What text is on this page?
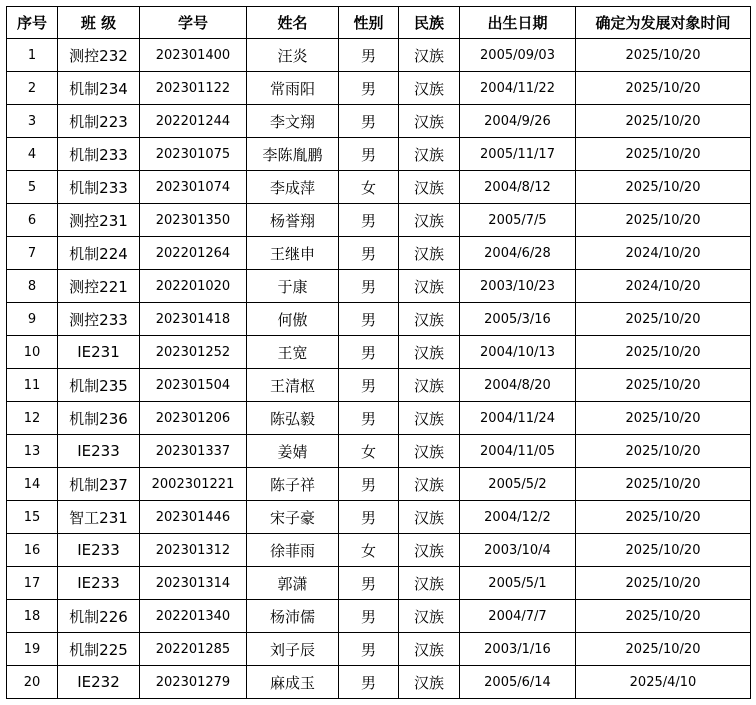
序号	班 级	学号	姓名	性别	民族	出生日期	确定为发展对象时间
1	测控232	202301400	汪炎	男	汉族	2005/09/03	2025/10/20
2	机制234	202301122	常雨阳	男	汉族	2004/11/22	2025/10/20
3	机制223	202201244	李文翔	男	汉族	2004/9/26	2025/10/20
4	机制233	202301075	李陈胤鹏	男	汉族	2005/11/17	2025/10/20
5	机制233	202301074	李成萍	女	汉族	2004/8/12	2025/10/20
6	测控231	202301350	杨誉翔	男	汉族	2005/7/5	2025/10/20
7	机制224	202201264	王继申	男	汉族	2004/6/28	2024/10/20
8	测控221	202201020	于康	男	汉族	2003/10/23	2024/10/20
9	测控233	202301418	何傲	男	汉族	2005/3/16	2025/10/20
10	IE231	202301252	王宽	男	汉族	2004/10/13	2025/10/20
11	机制235	202301504	王清枢	男	汉族	2004/8/20	2025/10/20
12	机制236	202301206	陈弘毅	男	汉族	2004/11/24	2025/10/20
13	IE233	202301337	姜婧	女	汉族	2004/11/05	2025/10/20
14	机制237	2002301221	陈子祥	男	汉族	2005/5/2	2025/10/20
15	智工231	202301446	宋子豪	男	汉族	2004/12/2	2025/10/20
16	IE233	202301312	徐菲雨	女	汉族	2003/10/4	2025/10/20
17	IE233	202301314	郭潇	男	汉族	2005/5/1	2025/10/20
18	机制226	202201340	杨沛儒	男	汉族	2004/7/7	2025/10/20
19	机制225	202201285	刘子辰	男	汉族	2003/1/16	2025/10/20
20	IE232	202301279	麻成玉	男	汉族	2005/6/14	2025/4/10
